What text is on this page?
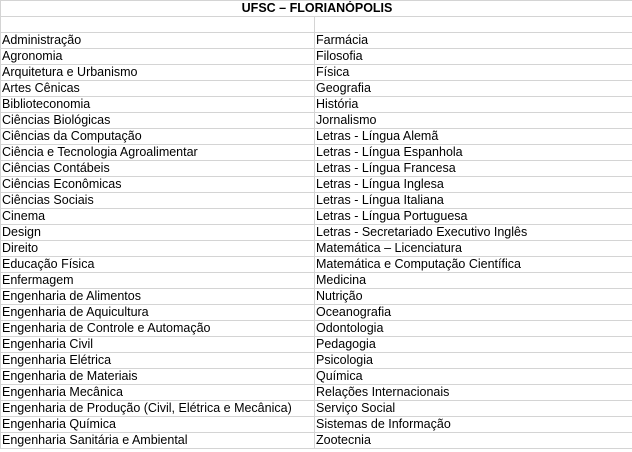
UFSC – FLORIANÓPOLIS	

Administração	Farmácia
Agronomia	Filosofia
Arquitetura e Urbanismo	Física
Artes Cênicas	Geografia
Biblioteconomia	História
Ciências Biológicas	Jornalismo
Ciências da Computação	Letras - Língua Alemã
Ciência e Tecnologia Agroalimentar	Letras - Língua Espanhola
Ciências Contábeis	Letras - Língua Francesa
Ciências Econômicas	Letras - Língua Inglesa
Ciências Sociais	Letras - Língua Italiana
Cinema	Letras - Língua Portuguesa
Design	Letras - Secretariado Executivo Inglês
Direito	Matemática – Licenciatura
Educação Física	Matemática e Computação Científica
Enfermagem	Medicina
Engenharia de Alimentos	Nutrição
Engenharia de Aquicultura	Oceanografia
Engenharia de Controle e Automação	Odontologia
Engenharia Civil	Pedagogia
Engenharia Elétrica	Psicologia
Engenharia de Materiais	Química
Engenharia Mecânica	Relações Internacionais
Engenharia de Produção (Civil, Elétrica e Mecânica)	Serviço Social
Engenharia Química	Sistemas de Informação
Engenharia Sanitária e Ambiental	Zootecnia
